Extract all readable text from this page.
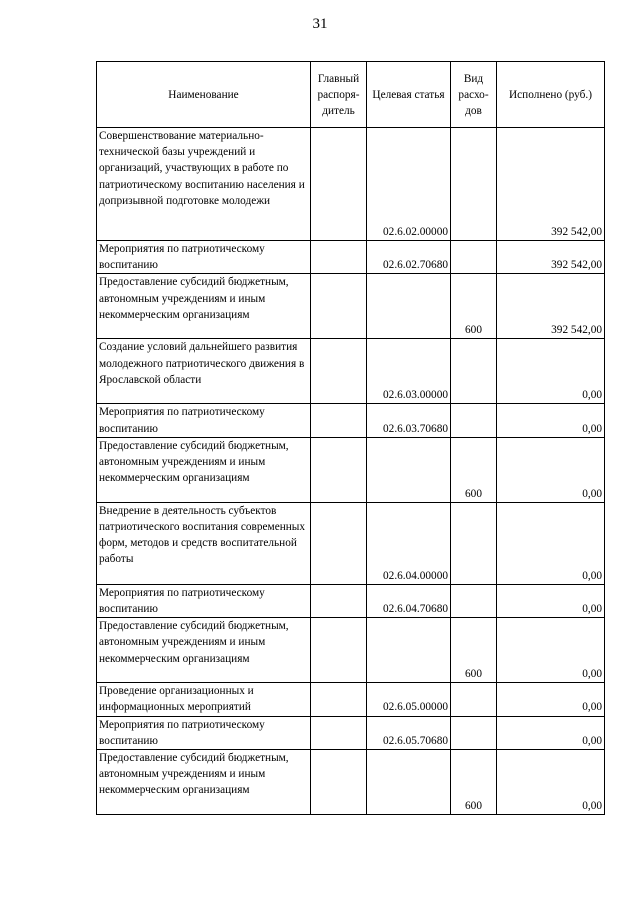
31
Наименование	Главный распоря-дитель	Целевая статья	Вид расхо-дов	Исполнено (руб.)
Совершенствование материально-технической базы учреждений и организаций, участвующих в работе по патриотическому воспитанию населения и допризывной подготовке молодежи		02.6.02.00000		392 542,00
Мероприятия по патриотическому воспитанию		02.6.02.70680		392 542,00
Предоставление субсидий бюджетным, автономным учреждениям и иным некоммерческим организациям			600	392 542,00
Создание условий дальнейшего развития молодежного патриотического движения в Ярославской области		02.6.03.00000		0,00
Мероприятия по патриотическому воспитанию		02.6.03.70680		0,00
Предоставление субсидий бюджетным, автономным учреждениям и иным некоммерческим организациям			600	0,00
Внедрение в деятельность субъектов патриотического воспитания современных форм, методов и средств воспитательной работы		02.6.04.00000		0,00
Мероприятия по патриотическому воспитанию		02.6.04.70680		0,00
Предоставление субсидий бюджетным, автономным учреждениям и иным некоммерческим организациям			600	0,00
Проведение организационных и информационных мероприятий		02.6.05.00000		0,00
Мероприятия по патриотическому воспитанию		02.6.05.70680		0,00
Предоставление субсидий бюджетным, автономным учреждениям и иным некоммерческим организациям			600	0,00
